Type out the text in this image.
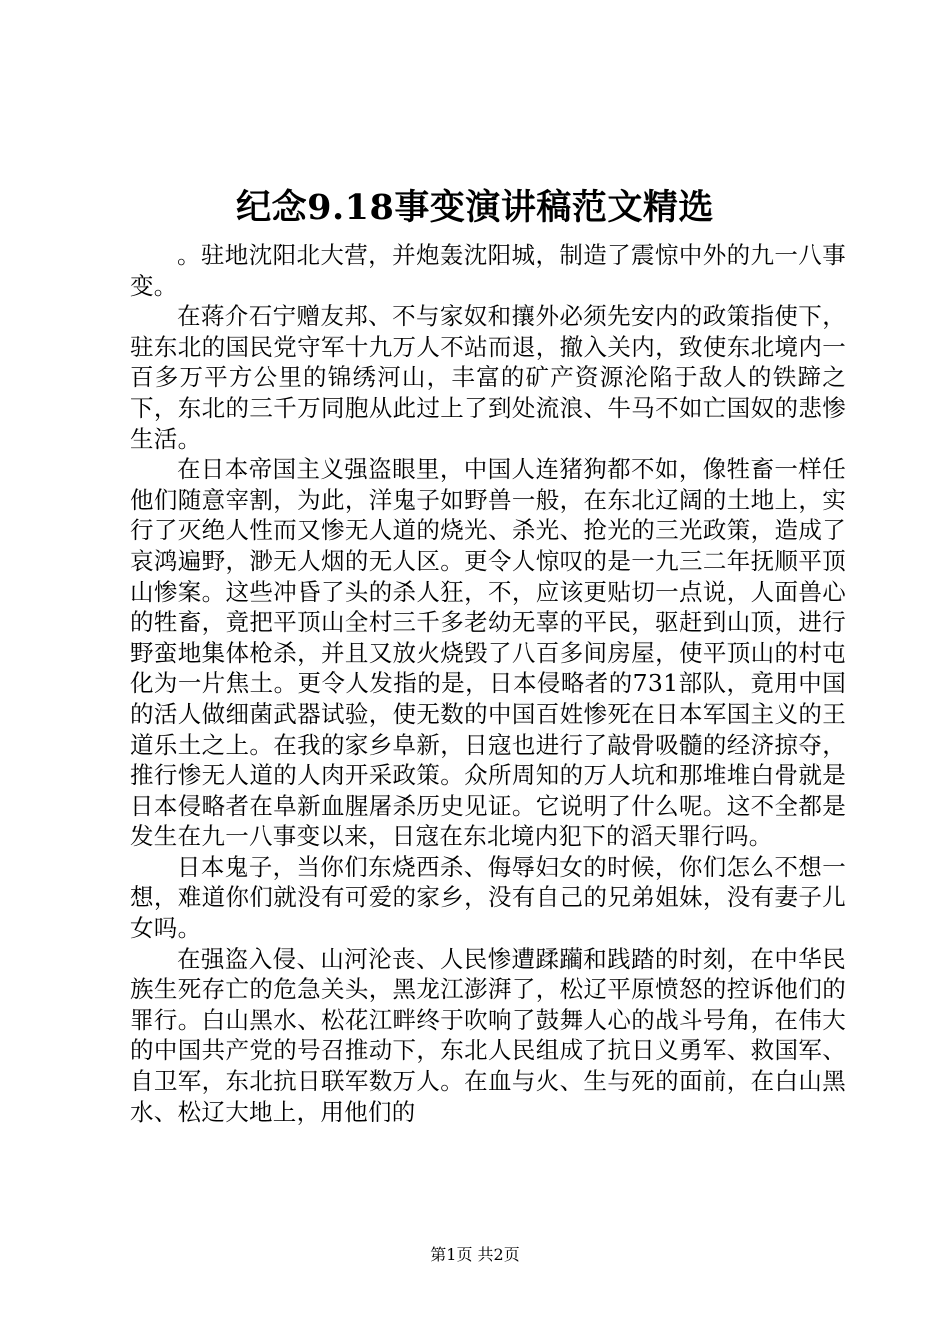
纪念9.18事变演讲稿范文精选

。驻地沈阳北大营，并炮轰沈阳城，制造了震惊中外的九一八事变。

在蒋介石宁赠友邦、不与家奴和攘外必须先安内的政策指使下，驻东北的国民党守军十九万人不站而退，撤入关内，致使东北境内一百多万平方公里的锦绣河山，丰富的矿产资源沦陷于敌人的铁蹄之下，东北的三千万同胞从此过上了到处流浪、牛马不如亡国奴的悲惨生活。

在日本帝国主义强盗眼里，中国人连猪狗都不如，像牲畜一样任他们随意宰割，为此，洋鬼子如野兽一般，在东北辽阔的土地上，实行了灭绝人性而又惨无人道的烧光、杀光、抢光的三光政策，造成了哀鸿遍野，渺无人烟的无人区。更令人惊叹的是一九三二年抚顺平顶山惨案。这些冲昏了头的杀人狂，不，应该更贴切一点说，人面兽心的牲畜，竟把平顶山全村三千多老幼无辜的平民，驱赶到山顶，进行野蛮地集体枪杀，并且又放火烧毁了八百多间房屋，使平顶山的村屯化为一片焦土。更令人发指的是，日本侵略者的731部队，竟用中国的活人做细菌武器试验，使无数的中国百姓惨死在日本军国主义的王道乐土之上。在我的家乡阜新，日寇也进行了敲骨吸髓的经济掠夺，推行惨无人道的人肉开采政策。众所周知的万人坑和那堆堆白骨就是日本侵略者在阜新血腥屠杀历史见证。它说明了什么呢。这不全都是发生在九一八事变以来，日寇在东北境内犯下的滔天罪行吗。

日本鬼子，当你们东烧西杀、侮辱妇女的时候，你们怎么不想一想，难道你们就没有可爱的家乡，没有自己的兄弟姐妹，没有妻子儿女吗。

在强盗入侵、山河沦丧、人民惨遭蹂躏和践踏的时刻，在中华民族生死存亡的危急关头，黑龙江澎湃了，松辽平原愤怒的控诉他们的罪行。白山黑水、松花江畔终于吹响了鼓舞人心的战斗号角，在伟大的中国共产党的号召推动下，东北人民组成了抗日义勇军、救国军、自卫军，东北抗日联军数万人。在血与火、生与死的面前，在白山黑水、松辽大地上，用他们的

第1页 共2页
